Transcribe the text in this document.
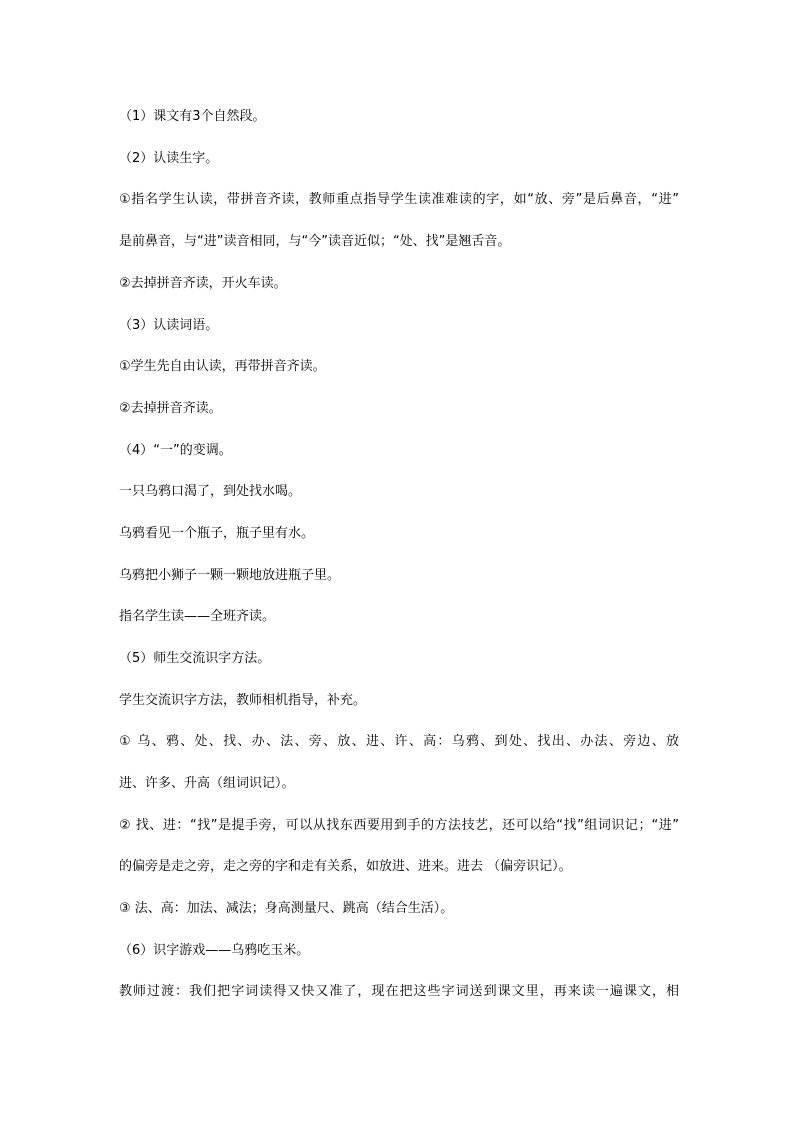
（1）课文有3个自然段。
（2）认读生字。
①指名学生认读，带拼音齐读，教师重点指导学生读准难读的字，如“放、旁”是后鼻音，“进”
是前鼻音，与“进”读音相同，与“今”读音近似；“处、找”是翘舌音。
②去掉拼音齐读，开火车读。
（3）认读词语。
①学生先自由认读，再带拼音齐读。
②去掉拼音齐读。
（4）“一”的变调。
一只乌鸦口渴了，到处找水喝。
乌鸦看见一个瓶子，瓶子里有水。
乌鸦把小狮子一颗一颗地放进瓶子里。
指名学生读——全班齐读。
（5）师生交流识字方法。
学生交流识字方法，教师相机指导，补充。
① 乌、鸦、处、找、办、法、旁、放、进、许、高：乌鸦、到处、找出、办法、旁边、放
进、许多、升高（组词识记）。
② 找、进：“找”是提手旁，可以从找东西要用到手的方法技艺，还可以给“找”组词识记；“进”
的偏旁是走之旁，走之旁的字和走有关系，如放进、进来。进去 （偏旁识记）。
③ 法、高：加法、减法；身高测量尺、跳高（结合生活）。
（6）识字游戏——乌鸦吃玉米。
教师过渡：我们把字词读得又快又准了，现在把这些字词送到课文里，再来读一遍课文，相
